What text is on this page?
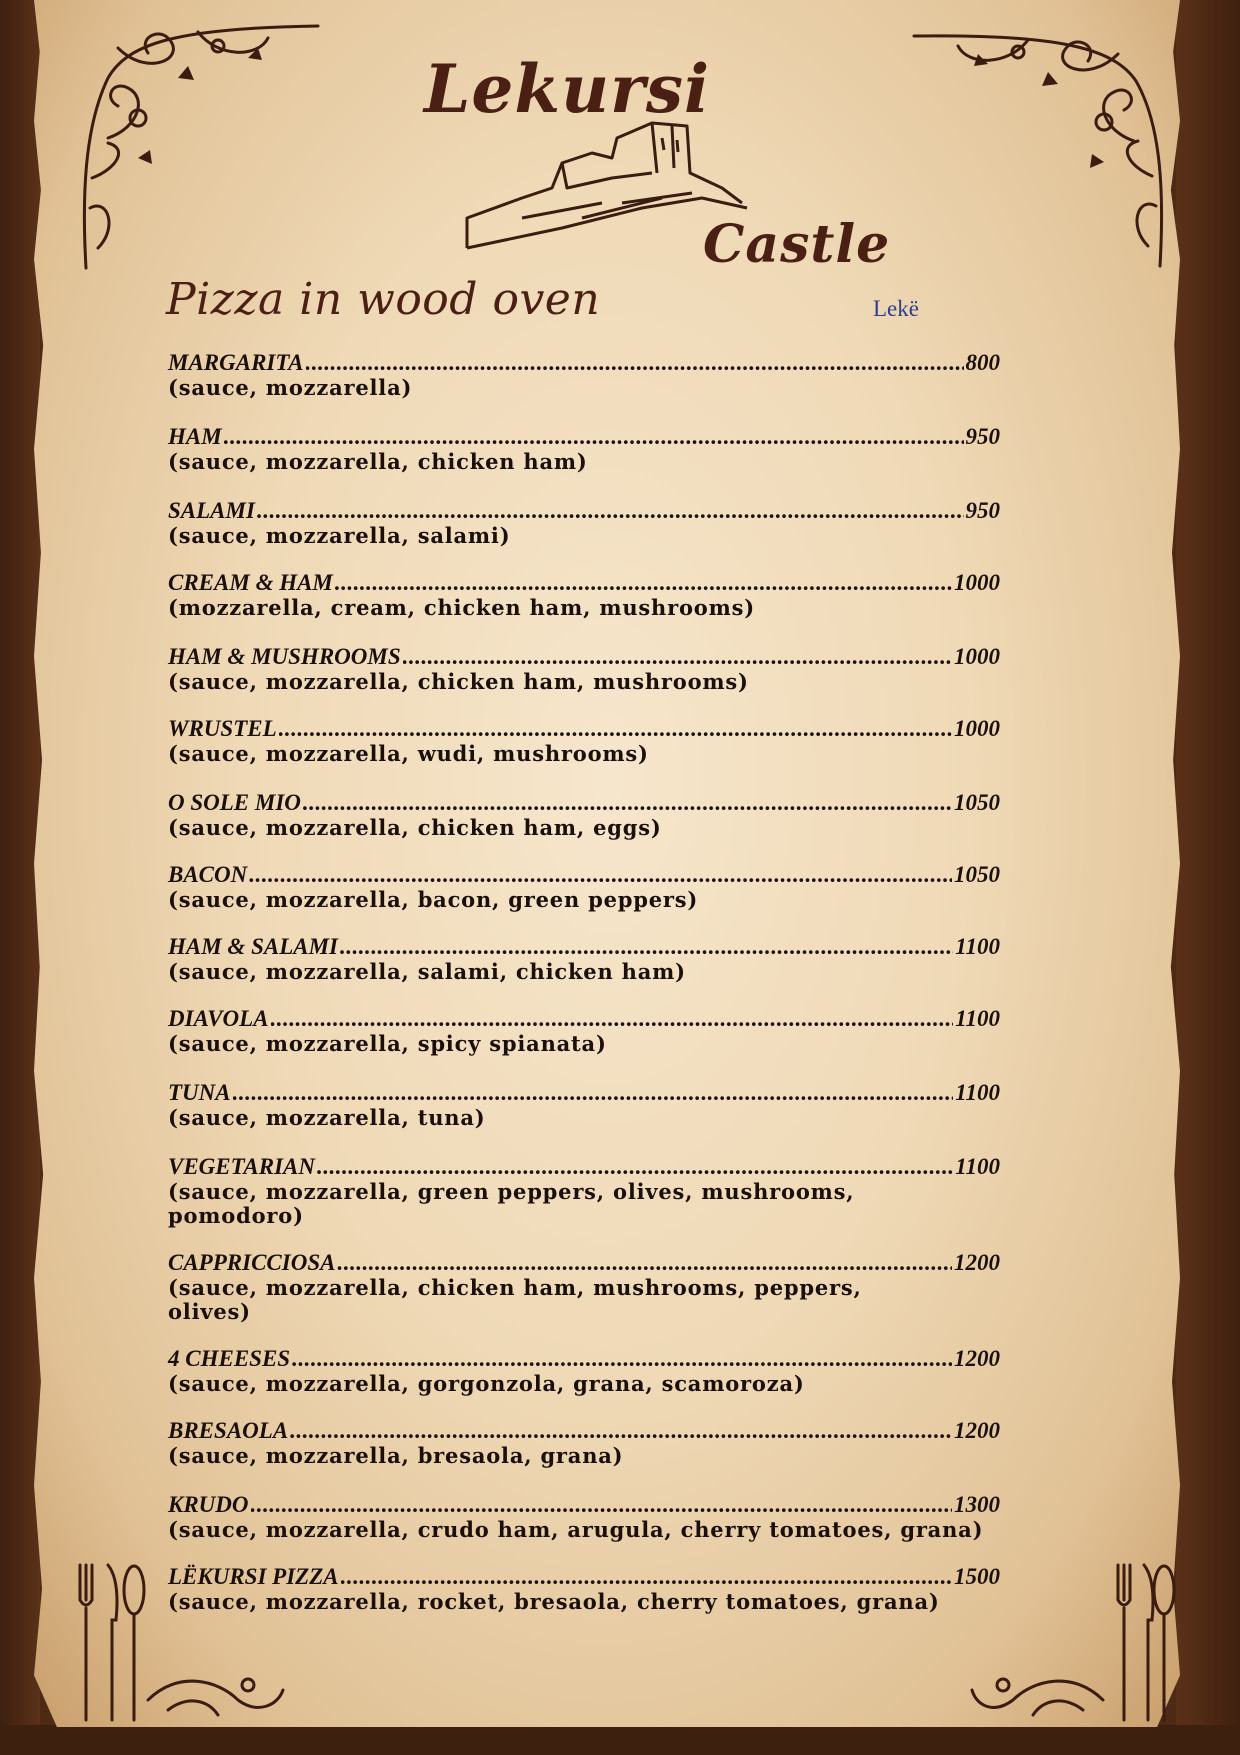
Lekursi
Castle
Pizza in wood oven	Lekë
MARGARITA .....	800
(sauce, mozzarella)
HAM .....	950
(sauce, mozzarella, chicken ham)
SALAMI .....	950
(sauce, mozzarella, salami)
CREAM & HAM .....	1000
(mozzarella, cream, chicken ham, mushrooms)
HAM & MUSHROOMS .....	1000
(sauce, mozzarella, chicken ham, mushrooms)
WRUSTEL .....	1000
(sauce, mozzarella, wudi, mushrooms)
O SOLE MIO .....	1050
(sauce, mozzarella, chicken ham, eggs)
BACON .....	1050
(sauce, mozzarella, bacon, green peppers)
HAM & SALAMI .....	1100
(sauce, mozzarella, salami, chicken ham)
DIAVOLA .....	1100
(sauce, mozzarella, spicy spianata)
TUNA .....	1100
(sauce, mozzarella, tuna)
VEGETARIAN .....	1100
(sauce, mozzarella, green peppers, olives, mushrooms, pomodoro)
CAPPRICCIOSA .....	1200
(sauce, mozzarella, chicken ham, mushrooms, peppers, olives)
4 CHEESES .....	1200
(sauce, mozzarella, gorgonzola, grana, scamoroza)
BRESAOLA .....	1200
(sauce, mozzarella, bresaola, grana)
KRUDO .....	1300
(sauce, mozzarella, crudo ham, arugula, cherry tomatoes, grana)
LËKURSI PIZZA .....	1500
(sauce, mozzarella, rocket, bresaola, cherry tomatoes, grana)
